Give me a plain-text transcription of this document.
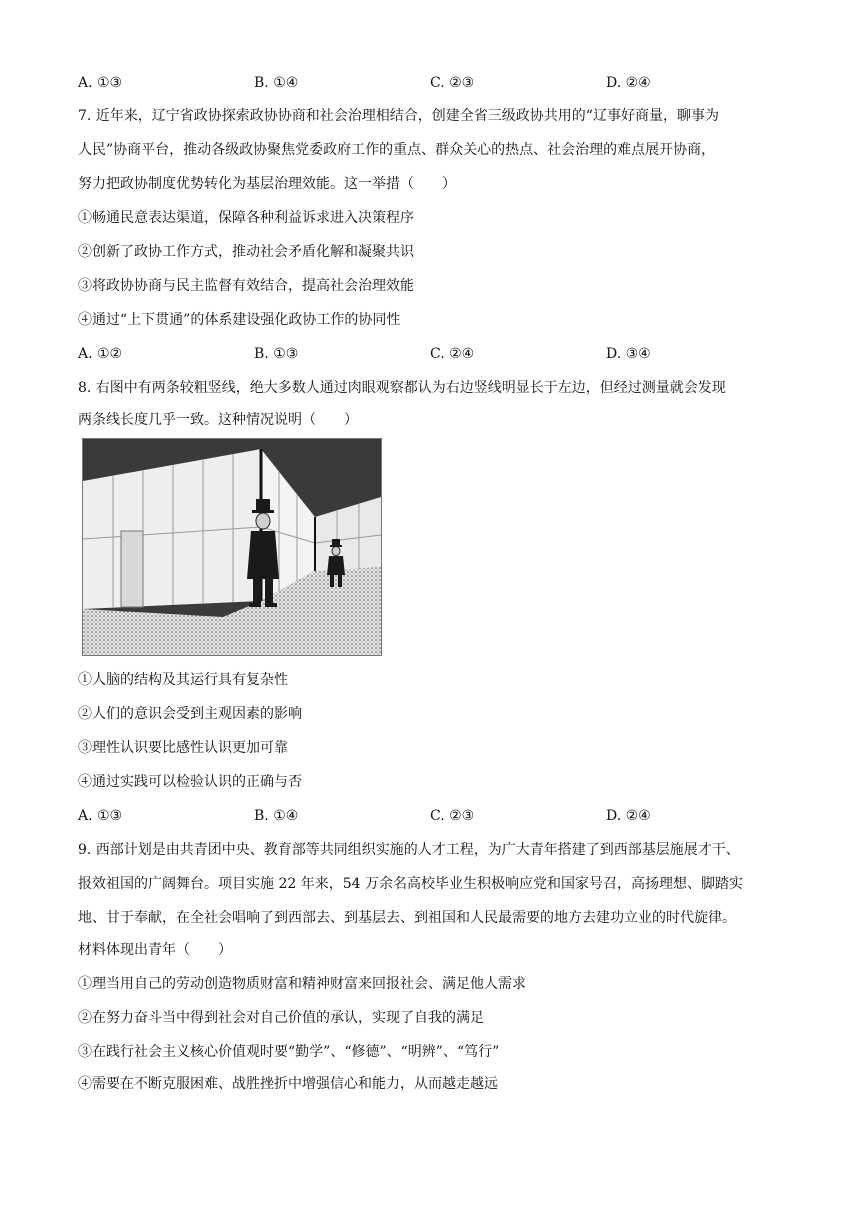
A. ①③	B. ①④	C. ②③	D. ②④
7. 近年来，辽宁省政协探索政协协商和社会治理相结合，创建全省三级政协共用的“辽事好商量，聊事为
人民”协商平台，推动各级政协聚焦党委政府工作的重点、群众关心的热点、社会治理的难点展开协商，
努力把政协制度优势转化为基层治理效能。这一举措（　　）
①畅通民意表达渠道，保障各种利益诉求进入决策程序
②创新了政协工作方式，推动社会矛盾化解和凝聚共识
③将政协协商与民主监督有效结合，提高社会治理效能
④通过“上下贯通”的体系建设强化政协工作的协同性
A. ①②	B. ①③	C. ②④	D. ③④
8. 右图中有两条较粗竖线，绝大多数人通过肉眼观察都认为右边竖线明显长于左边，但经过测量就会发现
两条线长度几乎一致。这种情况说明（　　）
①人脑的结构及其运行具有复杂性
②人们的意识会受到主观因素的影响
③理性认识要比感性认识更加可靠
④通过实践可以检验认识的正确与否
A. ①③	B. ①④	C. ②③	D. ②④
9. 西部计划是由共青团中央、教育部等共同组织实施的人才工程，为广大青年搭建了到西部基层施展才干、
报效祖国的广阔舞台。项目实施 22 年来，54 万余名高校毕业生积极响应党和国家号召，高扬理想、脚踏实
地、甘于奉献，在全社会唱响了到西部去、到基层去、到祖国和人民最需要的地方去建功立业的时代旋律。
材料体现出青年（　　）
①理当用自己的劳动创造物质财富和精神财富来回报社会、满足他人需求
②在努力奋斗当中得到社会对自己价值的承认，实现了自我的满足
③在践行社会主义核心价值观时要“勤学”、“修德”、“明辨”、“笃行”
④需要在不断克服困难、战胜挫折中增强信心和能力，从而越走越远
